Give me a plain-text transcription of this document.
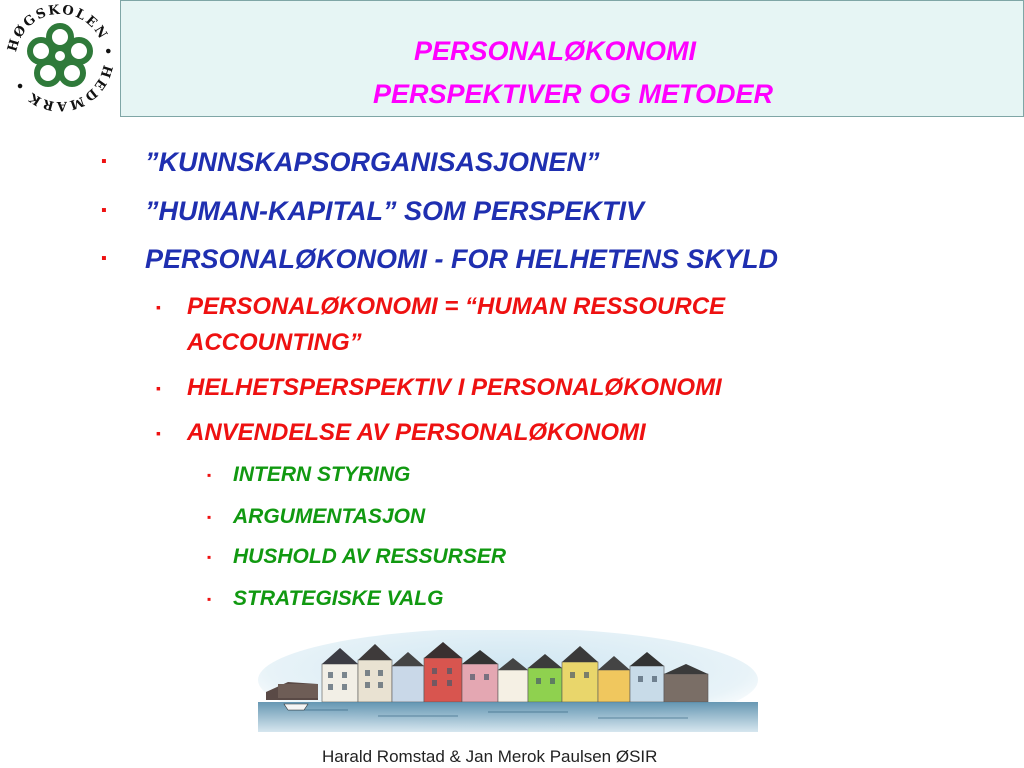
HØGSKOLEN • HEDMARK •
PERSONALØKONOMI
PERSPEKTIVER OG METODER
▪ ”KUNNSKAPSORGANISASJONEN”
▪ ”HUMAN-KAPITAL” SOM PERSPEKTIV
▪ PERSONALØKONOMI - FOR HELHETENS SKYLD
▪ PERSONALØKONOMI = “HUMAN RESSOURCE
ACCOUNTING”
▪ HELHETSPERSPEKTIV I PERSONALØKONOMI
▪ ANVENDELSE AV PERSONALØKONOMI
▪ INTERN STYRING
▪ ARGUMENTASJON
▪ HUSHOLD AV RESSURSER
▪ STRATEGISKE VALG
Harald Romstad & Jan Merok Paulsen ØSIR
